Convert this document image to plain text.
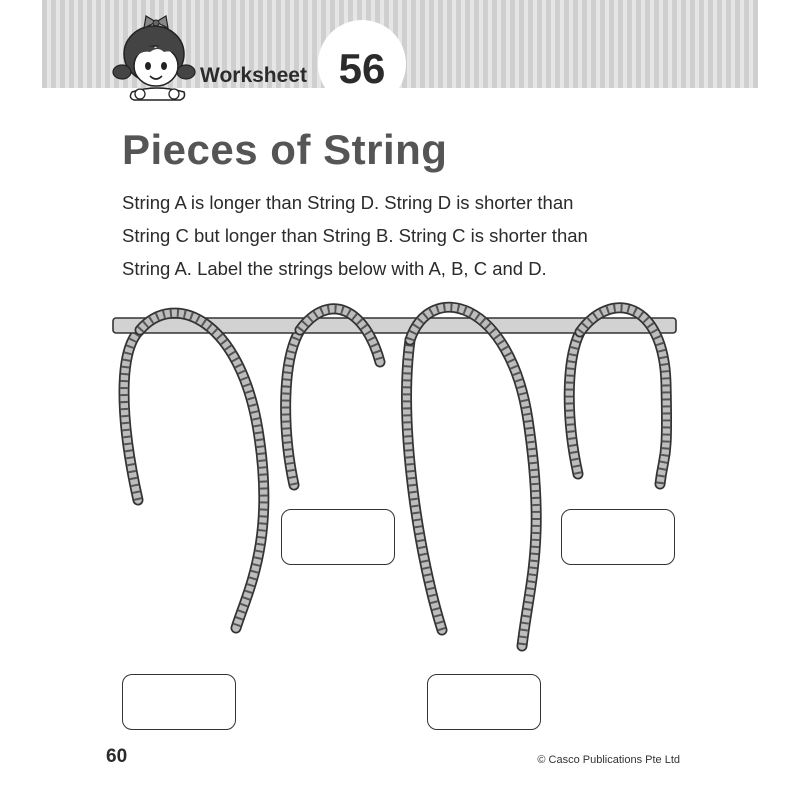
Worksheet 56
Pieces of String
String A is longer than String D. String D is shorter than
String C but longer than String B. String C is shorter than
String A. Label the strings below with A, B, C and D.
60	© Casco Publications Pte Ltd
